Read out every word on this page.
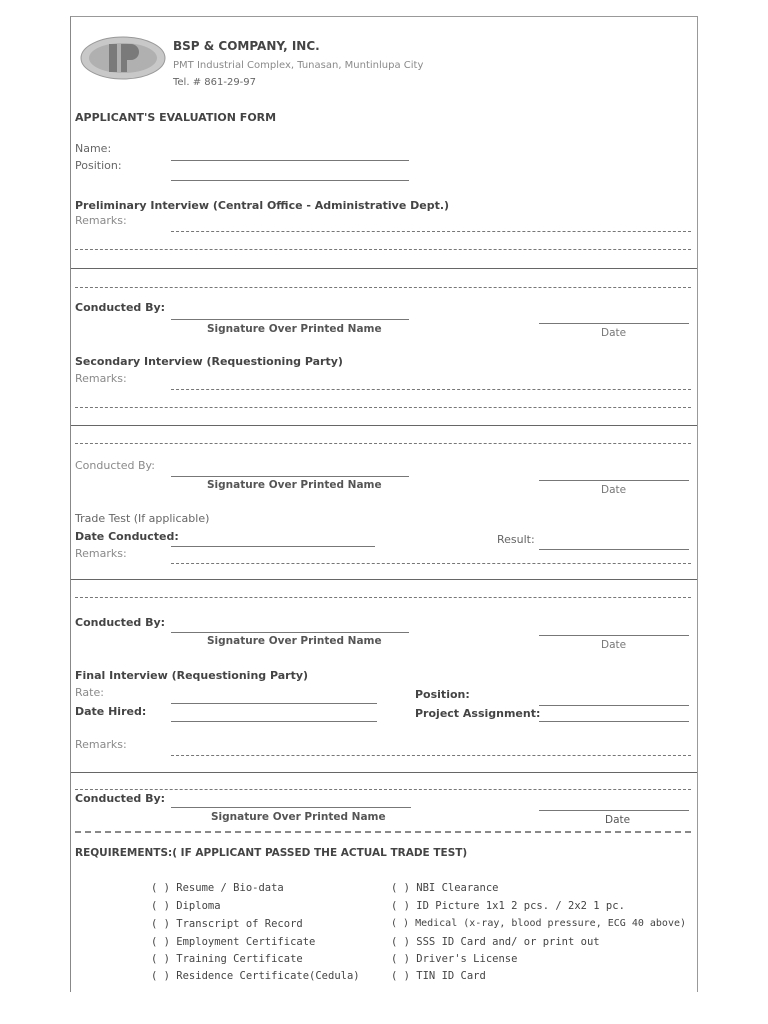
BSP & COMPANY, INC.
PMT Industrial Complex, Tunasan, Muntinlupa City
Tel. # 861-29-97
APPLICANT'S EVALUATION FORM
Name:
Position:
Preliminary Interview (Central Office - Administrative Dept.)
Remarks:
Conducted By:
Signature Over Printed Name	Date
Secondary Interview (Requestioning Party)
Remarks:
Conducted By:
Signature Over Printed Name	Date
Trade Test (If applicable)
Date Conducted:	Result:
Remarks:
Conducted By:
Signature Over Printed Name	Date
Final Interview (Requestioning Party)
Rate:	Position:
Date Hired:	Project Assignment:
Remarks:
Conducted By:
Signature Over Printed Name	Date
REQUIREMENTS:( IF APPLICANT PASSED THE ACTUAL TRADE TEST)
( ) Resume / Bio-data
( ) Diploma
( ) Transcript of Record
( ) Employment Certificate
( ) Training Certificate
( ) Residence Certificate(Cedula)
( ) NBI Clearance
( ) ID Picture 1x1 2 pcs. / 2x2 1 pc.
( ) Medical (x-ray, blood pressure, ECG 40 above)
( ) SSS ID Card and/ or print out
( ) Driver's License
( ) TIN ID Card
